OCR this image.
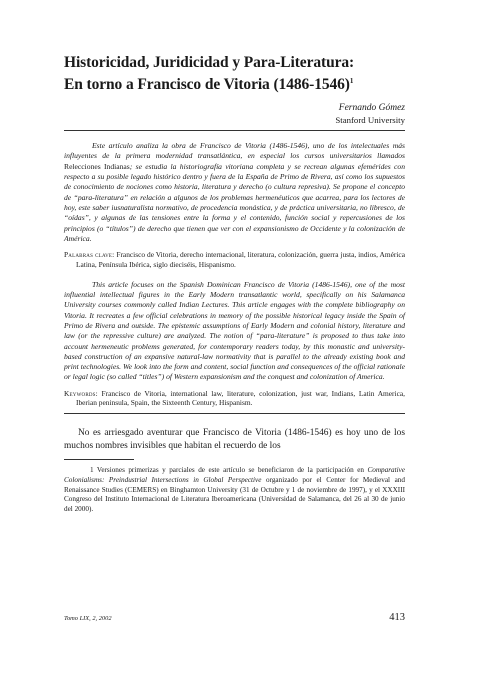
Historicidad, Juridicidad y Para-Literatura:
En torno a Francisco de Vitoria (1486-1546)$^1$
Fernando Gómez
Stanford University

Este artículo analiza la obra de Francisco de Vitoria (1486-1546), uno de los intelectuales más influyentes de la primera modernidad transatlántica, en especial los cursos universitarios llamados Relecciones Indianas; se estudia la historiografía vitoriana completa y se recrean algunas efemérides con respecto a su posible legado histórico dentro y fuera de la España de Primo de Rivera, así como los supuestos de conocimiento de nociones como historia, literatura y derecho (o cultura represiva). Se propone el concepto de “para-literatura” en relación a algunos de los problemas hermenéuticos que acarrea, para los lectores de hoy, este saber iusnaturalista normativo, de procedencia monástica, y de práctica universitaria, no libresco, de “oídas”, y algunas de las tensiones entre la forma y el contenido, función social y repercusiones de los principios (o “títulos”) de derecho que tienen que ver con el expansionismo de Occidente y la colonización de América.

Palabras clave: Francisco de Vitoria, derecho internacional, literatura, colonización, guerra justa, indios, América Latina, Península Ibérica, siglo dieciséis, Hispanismo.

This article focuses on the Spanish Dominican Francisco de Vitoria (1486-1546), one of the most influential intellectual figures in the Early Modern transatlantic world, specifically on his Salamanca University courses commonly called Indian Lectures. This article engages with the complete bibliography on Vitoria. It recreates a few official celebrations in memory of the possible historical legacy inside the Spain of Primo de Rivera and outside. The epistemic assumptions of Early Modern and colonial history, literature and law (or the repressive culture) are analyzed. The notion of “para-literature” is proposed to thus take into account hermeneutic problems generated, for contemporary readers today, by this monastic and university-based construction of an expansive natural-law normativity that is parallel to the already existing book and print technologies. We look into the form and content, social function and consequences of the official rationale or legal logic (so called “titles”) of Western expansionism and the conquest and colonization of America.

Keywords: Francisco de Vitoria, international law, literature, colonization, just war, Indians, Latin America, Iberian peninsula, Spain, the Sixteenth Century, Hispanism.

No es arriesgado aventurar que Francisco de Vitoria (1486-1546) es hoy uno de los muchos nombres invisibles que habitan el recuerdo de los

1 Versiones primerizas y parciales de este artículo se beneficiaron de la participación en Comparative Colonialisms: Preindustrial Intersections in Global Perspective organizado por el Center for Medieval and Renaissance Studies (CEMERS) en Binghamton University (31 de Octubre y 1 de noviembre de 1997), y el XXXIII Congreso del Instituto Internacional de Literatura Iberoamericana (Universidad de Salamanca, del 26 al 30 de junio del 2000).

Tomo LIX, 2, 2002	413
